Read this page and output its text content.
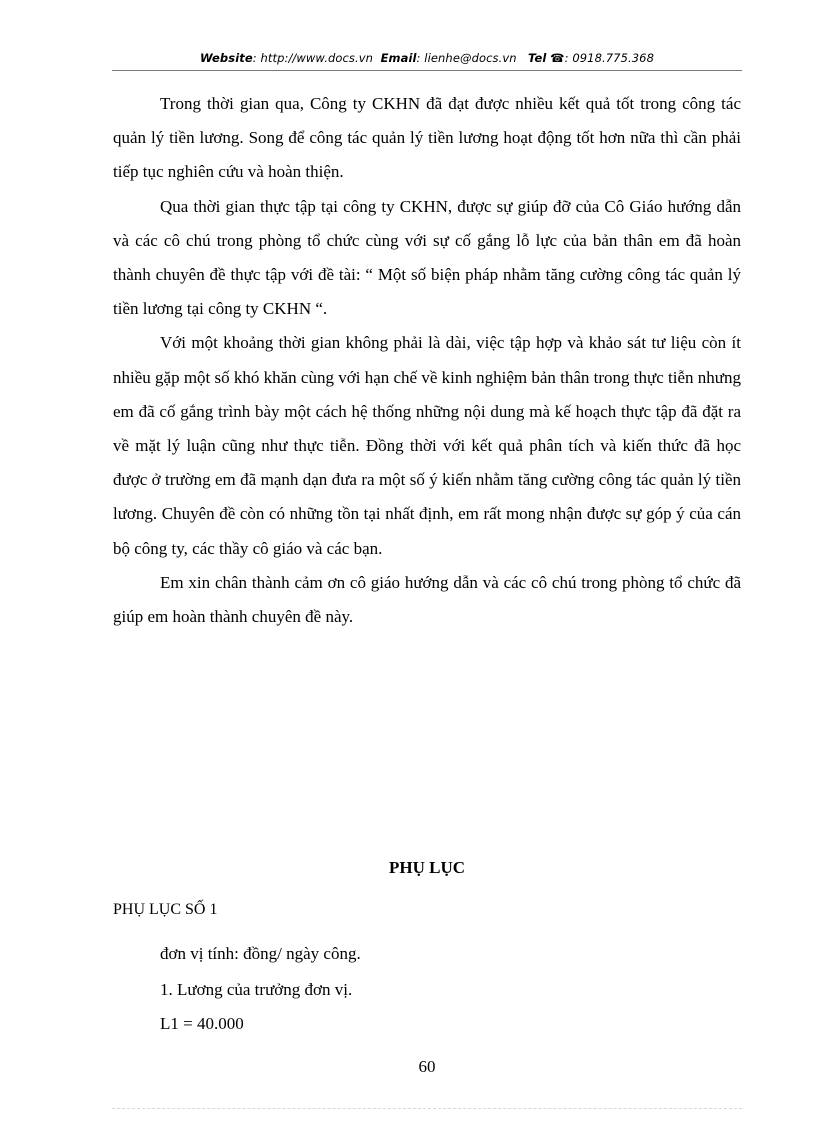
Website: http://www.docs.vn Email: lienhe@docs.vn Tel ☎: 0918.775.368

Trong thời gian qua, Công ty CKHN đã đạt được nhiều kết quả tốt trong công tác quản lý tiền lương. Song để công tác quản lý tiền lương hoạt động tốt hơn nữa thì cần phải tiếp tục nghiên cứu và hoàn thiện.

Qua thời gian thực tập tại công ty CKHN, được sự giúp đỡ của Cô Giáo hướng dẫn và các cô chú trong phòng tổ chức cùng với sự cố gắng lỗ lực của bản thân em đã hoàn thành chuyên đề thực tập với đề tài: “ Một số biện pháp nhằm tăng cường công tác quản lý tiền lương tại công ty CKHN “.

Với một khoảng thời gian không phải là dài, việc tập hợp và khảo sát tư liệu còn ít nhiều gặp một số khó khăn cùng với hạn chế về kinh nghiệm bản thân trong thực tiễn nhưng em đã cố gắng trình bày một cách hệ thống những nội dung mà kế hoạch thực tập đã đặt ra về mặt lý luận cũng như thực tiễn. Đồng thời với kết quả phân tích và kiến thức đã học được ở trường em đã mạnh dạn đưa ra một số ý kiến nhằm tăng cường công tác quản lý tiền lương. Chuyên đề còn có những tồn tại nhất định, em rất mong nhận được sự góp ý của cán bộ công ty, các thầy cô giáo và các bạn.

Em xin chân thành cảm ơn cô giáo hướng dẫn và các cô chú trong phòng tổ chức đã giúp em hoàn thành chuyên đề này.

PHỤ LỤC
PHỤ LỤC SỐ 1
đơn vị tính: đồng/ ngày công.
1. Lương của trưởng đơn vị.
L1 = 40.000
60
